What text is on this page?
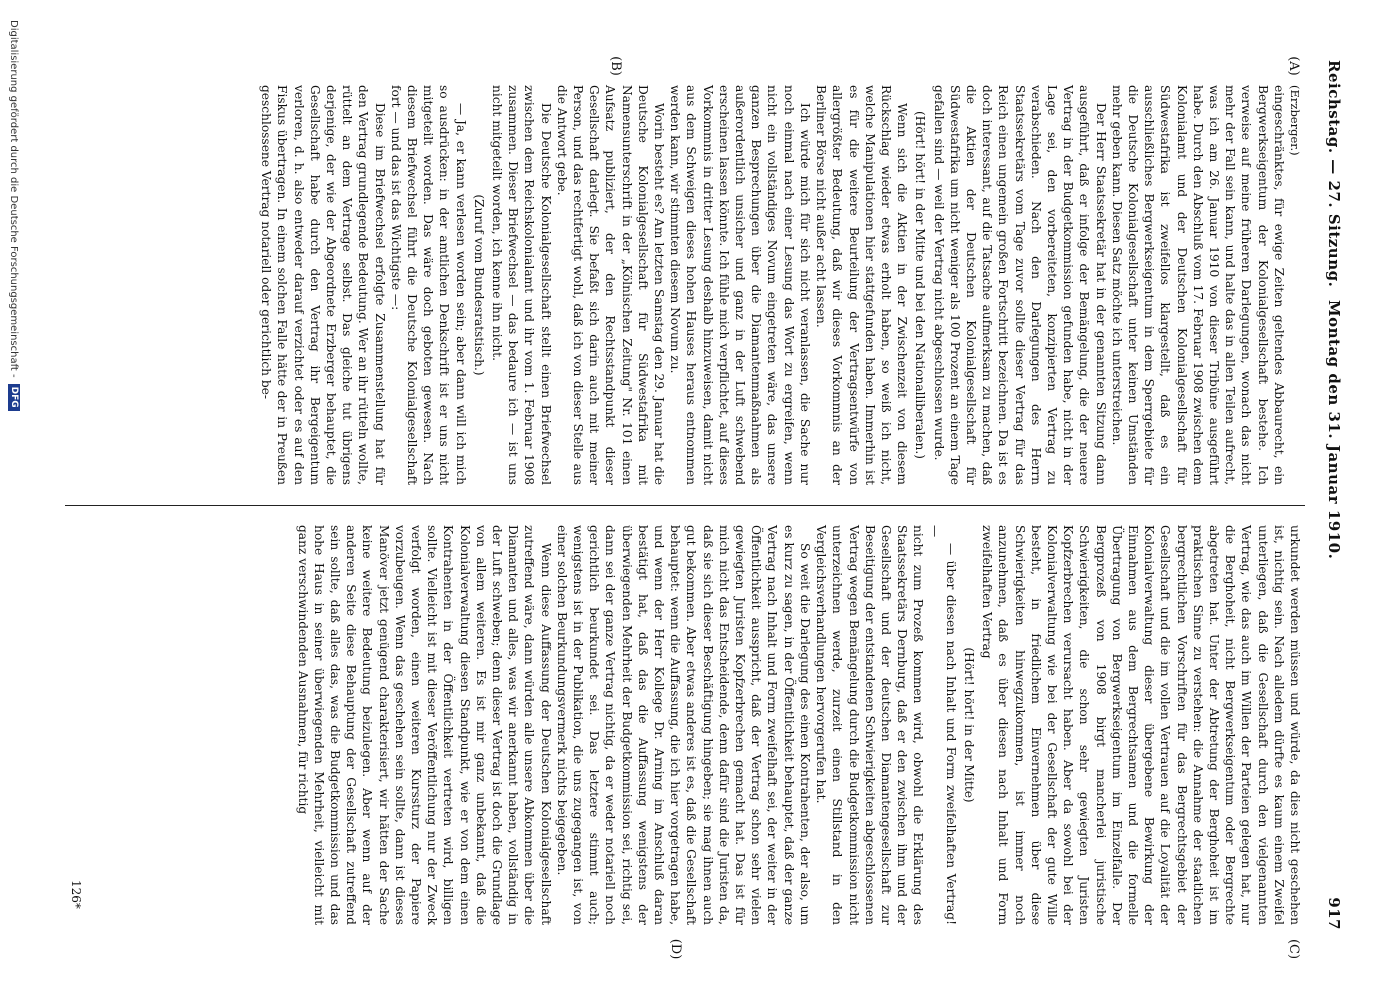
Reichstag. — 27. Sitzung.
Montag den 31. Januar 1910.
917
(A)
(B)
(C)
(D)

(Erzberger.)

eingeschränktes, für ewige Zeiten geltendes Abbaurecht, ein Bergwerkseigentum der Kolonialgesellschaft bestehe. Ich verweise auf meine früheren Darlegungen, wonach das nicht mehr der Fall sein kann, und halte das in allen Teilen aufrecht, was ich am 26. Januar 1910 von dieser Tribüne ausgeführt habe. Durch den Abschluß vom 17. Februar 1908 zwischen dem Kolonialamt und der Deutschen Kolonialgesellschaft für Südwestafrika ist zweifellos klargestellt, daß es ein ausschließliches Bergwerkseigentum in dem Sperrgebiete für die Deutsche Kolonialgesellschaft unter keinen Umständen mehr geben kann. Diesen Satz möchte ich unterstreichen.

Der Herr Staatssekretär hat in der genannten Sitzung dann ausgeführt, daß er infolge der Bemängelung, die der neuere Vertrag in der Budgetkommission gefunden habe, nicht in der Lage sei, den vorbereiteten, konzipierten Vertrag zu verabschieden. Nach den Darlegungen des Herrn Staatssekretärs vom Tage zuvor sollte dieser Vertrag für das Reich einen ungemein großen Fortschritt bezeichnen. Da ist es doch interessant, auf die Tatsache aufmerksam zu machen, daß die Aktien der Deutschen Kolonialgesellschaft für Südwestafrika um nicht weniger als 100 Prozent an einem Tage gefallen sind — weil der Vertrag nicht abgeschlossen wurde.

(Hört! hört! in der Mitte und bei den Nationalliberalen.)

Wenn sich die Aktien in der Zwischenzeit von diesem Rückschlag wieder etwas erholt haben, so weiß ich nicht, welche Manipulationen hier stattgefunden haben. Immerhin ist es für die weitere Beurteilung der Vertragsentwürfe von allergrößter Bedeutung, daß wir dieses Vorkommnis an der Berliner Börse nicht außer acht lassen.

Ich würde mich für sich nicht veranlassen, die Sache nur noch einmal nach einer Lesung das Wort zu ergreifen, wenn nicht ein vollständiges Novum eingetreten wäre, das unsere ganzen Besprechungen über die Diamantenmaßnahmen als außerordentlich unsicher und ganz in der Luft schwebend erscheinen lassen könnte. Ich fühle mich verpflichtet, auf dieses Vorkommnis in dritter Lesung deshalb hinzuweisen, damit nicht aus dem Schweigen dieses hohen Hauses heraus entnommen werden kann, wir stimmten diesem Novum zu.

Worin besteht es? Am letzten Samstag den 29. Januar hat die Deutsche Kolonialgesellschaft für Südwestafrika mit Namensunterschrift in der „Kölnischen Zeitung" Nr. 101 einen Aufsatz publiziert, der den Rechtsstandpunkt dieser Gesellschaft darlegt. Sie befaßt sich darin auch mit meiner Person, und das rechtfertigt wohl, daß ich von dieser Stelle aus die Antwort gebe.

Die Deutsche Kolonialgesellschaft stellt einen Briefwechsel zwischen dem Reichskolonialamt und ihr vom 1. Februar 1908 zusammen. Dieser Briefwechsel — das bedaure ich — ist uns nicht mitgeteilt worden, ich kenne ihn nicht.

(Zuruf vom Bundesratstisch.)

— Ja, er kann verlesen worden sein; aber dann will ich mich so ausdrücken: in der amtlichen Denkschrift ist er uns nicht mitgeteilt worden. Das wäre doch geboten gewesen. Nach diesem Briefwechsel führt die Deutsche Kolonialgesellschaft fort — und das ist das Wichtigste —:

Diese im Briefwechsel erfolgte Zusammenstellung hat für den Vertrag grundlegende Bedeutung. Wer an ihr rütteln wollte, rüttelt an dem Vertrage selbst. Das gleiche tut übrigens derjenige, der wie der Abgeordnete Erzberger behauptet, die Gesellschaft habe durch den Vertrag ihr Bergeigentum verloren, d. h. also entweder darauf verzichtet oder es auf den Fiskus übertragen. In einem solchen Falle hätte der in Preußen geschlossene Vertrag notariell oder gerichtlich be-

urkundet werden müssen und würde, da dies nicht geschehen ist, nichtig sein. Nach alledem dürfte es kaum einem Zweifel unterliegen, daß die Gesellschaft durch den vielgenannten Vertrag, wie das auch im Willen der Parteien gelegen hat, nur die Berghoheit, nicht Bergwerkseigentum oder Bergrechte abgetreten hat. Unter der Abtretung der Berghoheit ist im praktischen Sinne zu verstehen: die Annahme der staatlichen bergrechtlichen Vorschriften für das Bergrechtsgebiet der Gesellschaft und die im vollen Vertrauen auf die Loyalität der Kolonialverwaltung dieser übergebene Bewirkung der Einnahmen aus dem Bergrechtsamen und die formelle Übertragung von Bergwerkseigentum im Einzelfalle. Der Bergprozeß von 1908 birgt mancherlei juristische Schwierigkeiten, die schon sehr gewiegten Juristen Kopfzerbrechen verursacht haben. Aber da sowohl bei der Kolonialverwaltung wie bei der Gesellschaft der gute Wille besteht, in friedlichem Einvernehmen über diese Schwierigkeiten hinwegzukommen, ist immer noch anzunehmen, daß es über diesen nach Inhalt und Form zweifelhaften Vertrag

(Hört! hört! in der Mitte)

— über diesen nach Inhalt und Form zweifelhaften Vertrag! —

nicht zum Prozeß kommen wird, obwohl die Erklärung des Staatssekretärs Dernburg, daß er den zwischen ihm und der Gesellschaft und der deutschen Diamantengesellschaft zur Beseitigung der entstandenen Schwierigkeiten abgeschlossenen Vertrag wegen Bemängelung durch die Budgetkommission nicht unterzeichnen werde, zurzeit einen Stillstand in den Vergleichsverhandlungen hervorgerufen hat.

So weit die Darlegung des einen Kontrahenten, der also, um es kurz zu sagen, in der Öffentlichkeit behauptet, daß der ganze Vertrag nach Inhalt und Form zweifelhaft sei, der weiter in der Öffentlichkeit ausspricht, daß der Vertrag schon sehr vielen gewiegten Juristen Kopfzerbrechen gemacht hat. Das ist für mich nicht das Entscheidende, denn dafür sind die Juristen da, daß sie sich dieser Beschäftigung hingeben; sie mag ihnen auch gut bekommen. Aber etwas anderes ist es, daß die Gesellschaft behauptet: wenn die Auffassung, die ich hier vorgetragen habe, und wenn der Herr Kollege Dr. Arning im Anschluß daran bestätigt hat, daß das die Auffassung wenigstens der überwiegenden Mehrheit der Budgetkommission sei, richtig sei, dann sei der ganze Vertrag nichtig, da er weder notariell noch gerichtlich beurkundet sei. Das letztere stimmt auch; wenigstens ist in der Publikation, die uns zugegangen ist, von einer solchen Beurkundungsvermerk nichts beigegeben.

Wenn diese Auffassung der Deutschen Kolonialgesellschaft zutreffend wäre, dann würden alle unsere Abkommen über die Diamanten und alles, was wir anerkannt haben, vollständig in der Luft schweben; denn dieser Vertrag ist doch die Grundlage von allem weiteren. Es ist mir ganz unbekannt, daß die Kolonialverwaltung diesen Standpunkt, wie er von dem einen Kontrahenten in der Öffentlichkeit vertreten wird, billigen sollte. Vielleicht ist mit dieser Veröffentlichung nur der Zweck verfolgt worden, einen weiteren Kurssturz der Papiere vorzubeugen. Wenn das geschehen sein sollte, dann ist dieses Manöver jetzt genügend charakterisiert, wir hätten der Sache keine weitere Bedeutung beizulegen. Aber wenn auf der anderen Seite diese Behauptung der Gesellschaft zutreffend sein sollte, daß alles das, was die Budgetkommission und das hohe Haus in seiner überwiegenden Mehrheit, vielleicht mit ganz verschwindenden Ausnahmen, für richtig

126*
Digitalisierung gefördert durch die Deutsche Forschungsgemeinschaft -
DFG
